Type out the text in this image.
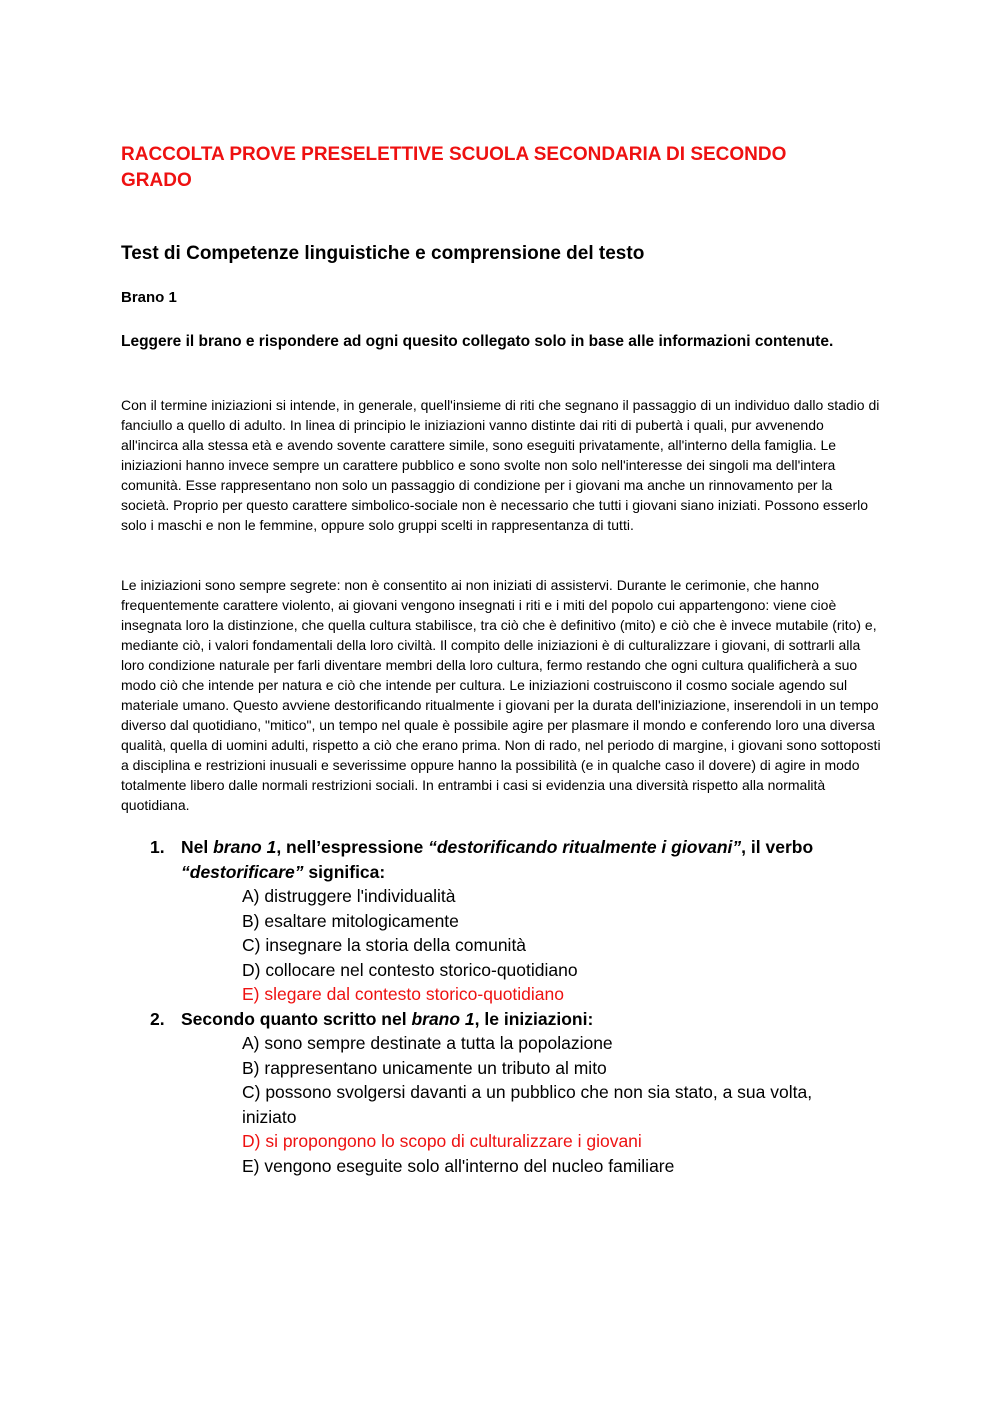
RACCOLTA PROVE PRESELETTIVE SCUOLA SECONDARIA DI SECONDO GRADO
Test di Competenze linguistiche e comprensione del testo
Brano 1
Leggere il brano e rispondere ad ogni quesito collegato solo in base alle informazioni contenute.

Con il termine iniziazioni si intende, in generale, quell'insieme di riti che segnano il passaggio di un individuo dallo stadio di fanciullo a quello di adulto. In linea di principio le iniziazioni vanno distinte dai riti di pubertà i quali, pur avvenendo all'incirca alla stessa età e avendo sovente carattere simile, sono eseguiti privatamente, all'interno della famiglia. Le iniziazioni hanno invece sempre un carattere pubblico e sono svolte non solo nell'interesse dei singoli ma dell'intera comunità. Esse rappresentano non solo un passaggio di condizione per i giovani ma anche un rinnovamento per la società. Proprio per questo carattere simbolico-sociale non è necessario che tutti i giovani siano iniziati. Possono esserlo solo i maschi e non le femmine, oppure solo gruppi scelti in rappresentanza di tutti.

Le iniziazioni sono sempre segrete: non è consentito ai non iniziati di assistervi. Durante le cerimonie, che hanno frequentemente carattere violento, ai giovani vengono insegnati i riti e i miti del popolo cui appartengono: viene cioè insegnata loro la distinzione, che quella cultura stabilisce, tra ciò che è definitivo (mito) e ciò che è invece mutabile (rito) e, mediante ciò, i valori fondamentali della loro civiltà. Il compito delle iniziazioni è di culturalizzare i giovani, di sottrarli alla loro condizione naturale per farli diventare membri della loro cultura, fermo restando che ogni cultura qualificherà a suo modo ciò che intende per natura e ciò che intende per cultura. Le iniziazioni costruiscono il cosmo sociale agendo sul materiale umano. Questo avviene destorificando ritualmente i giovani per la durata dell'iniziazione, inserendoli in un tempo diverso dal quotidiano, "mitico", un tempo nel quale è possibile agire per plasmare il mondo e conferendo loro una diversa qualità, quella di uomini adulti, rispetto a ciò che erano prima. Non di rado, nel periodo di margine, i giovani sono sottoposti a disciplina e restrizioni inusuali e severissime oppure hanno la possibilità (e in qualche caso il dovere) di agire in modo totalmente libero dalle normali restrizioni sociali. In entrambi i casi si evidenzia una diversità rispetto alla normalità quotidiana.

1. Nel brano 1, nell’espressione “destorificando ritualmente i giovani”, il verbo “destorificare” significa:

A) distruggere l'individualità

B) esaltare mitologicamente

C) insegnare la storia della comunità

D) collocare nel contesto storico-quotidiano

E) slegare dal contesto storico-quotidiano

2. Secondo quanto scritto nel brano 1, le iniziazioni:

A) sono sempre destinate a tutta la popolazione

B) rappresentano unicamente un tributo al mito

C) possono svolgersi davanti a un pubblico che non sia stato, a sua volta, iniziato

D) si propongono lo scopo di culturalizzare i giovani

E) vengono eseguite solo all'interno del nucleo familiare
